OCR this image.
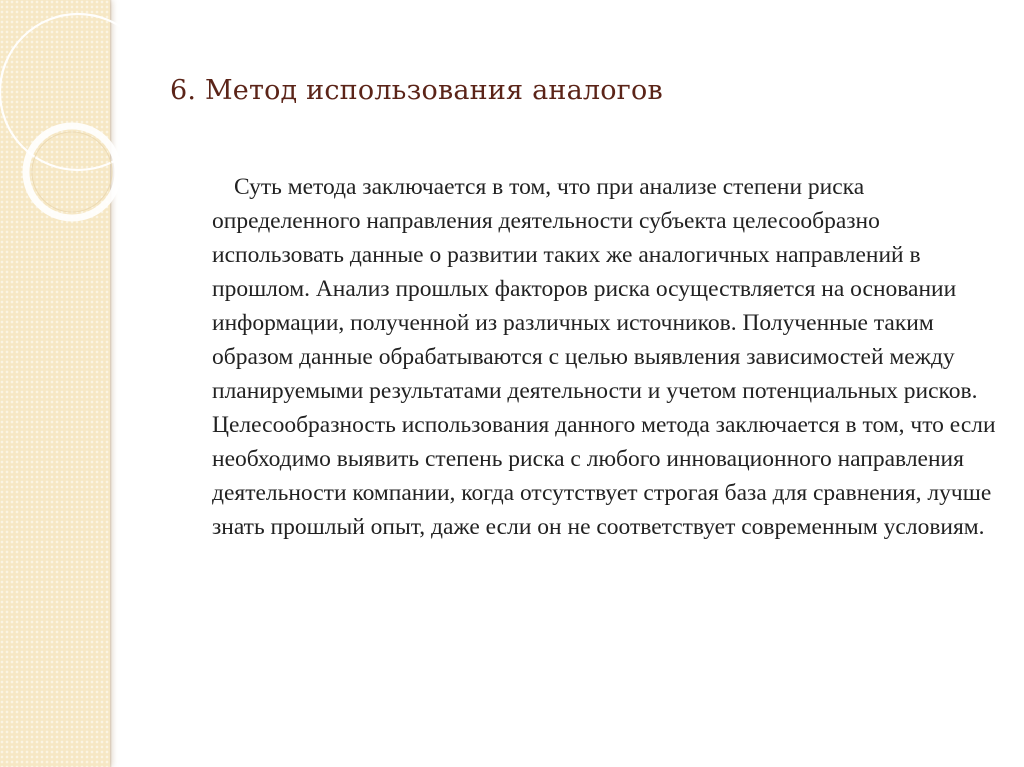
6. Метод использования аналогов

Суть метода заключается в том, что при анализе степени риска определенного направления деятельности субъекта целесообразно использовать данные о развитии таких же аналогичных направлений в прошлом. Анализ прошлых факторов риска осуществляется на основании информации, полученной из различных источников. Полученные таким образом данные обрабатываются с целью выявления зависимостей между планируемыми результатами деятельности и учетом потенциальных рисков. Целесообразность использования данного метода заключается в том, что если необходимо выявить степень риска с любого инновационного направления деятельности компании, когда отсутствует строгая база для сравнения, лучше знать прошлый опыт, даже если он не соответствует современным условиям.
